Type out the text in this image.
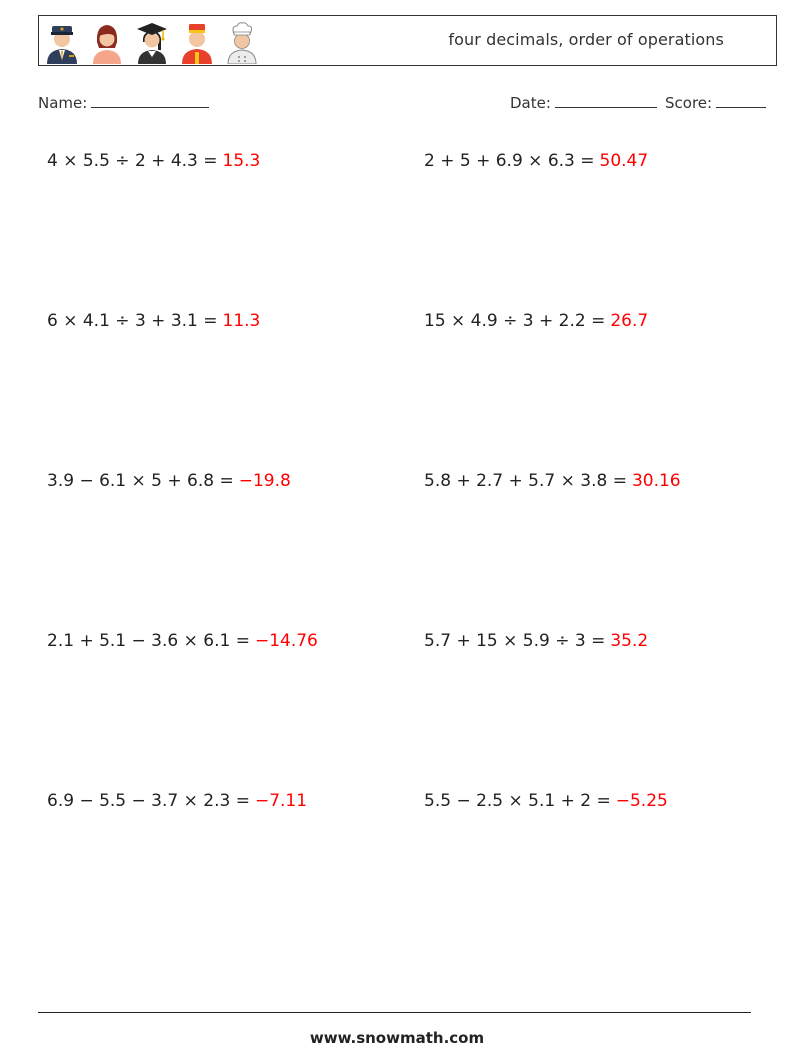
four decimals, order of operations
Name:	Date:	Score:
4 × 5.5 ÷ 2 + 4.3 = 15.3	2 + 5 + 6.9 × 6.3 = 50.47
6 × 4.1 ÷ 3 + 3.1 = 11.3	15 × 4.9 ÷ 3 + 2.2 = 26.7
3.9 − 6.1 × 5 + 6.8 = −19.8	5.8 + 2.7 + 5.7 × 3.8 = 30.16
2.1 + 5.1 − 3.6 × 6.1 = −14.76	5.7 + 15 × 5.9 ÷ 3 = 35.2
6.9 − 5.5 − 3.7 × 2.3 = −7.11	5.5 − 2.5 × 5.1 + 2 = −5.25
www.snowmath.com
